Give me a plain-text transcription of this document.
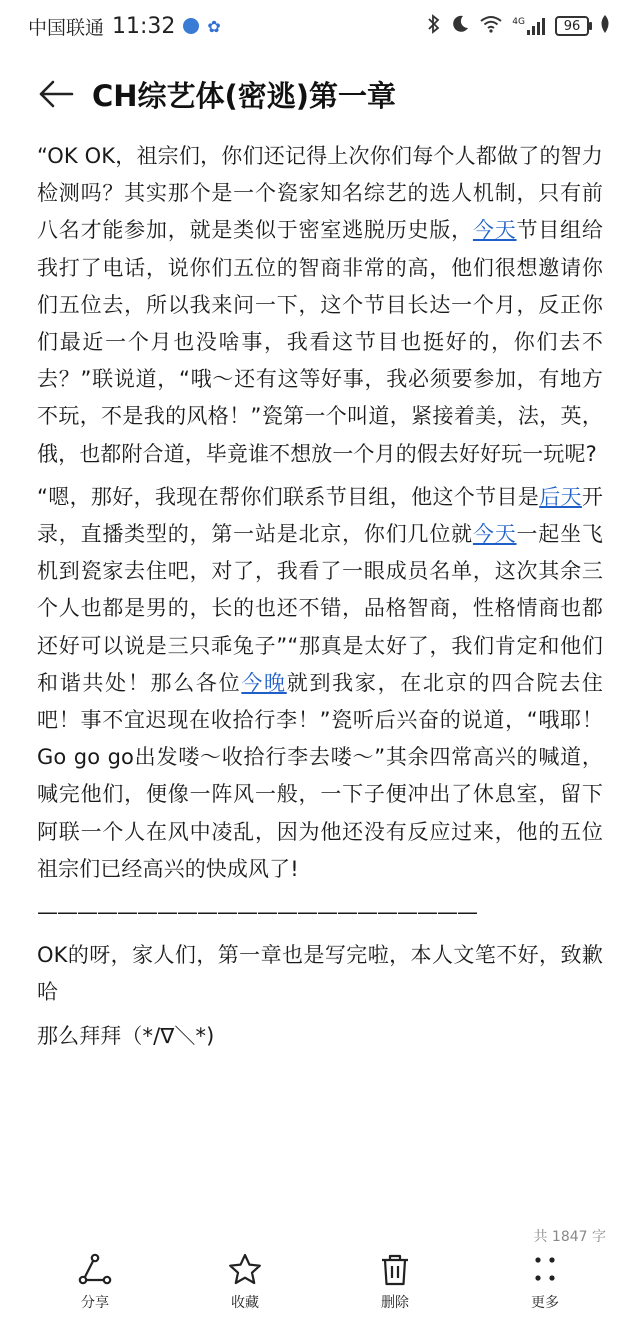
中国联通 11:32 ✿	4G	96
CH综艺体(密逃)第一章

“OK OK，祖宗们，你们还记得上次你们每个人都做了的智力检测吗？其实那个是一个瓷家知名综艺的选人机制，只有前八名才能参加，就是类似于密室逃脱历史版，今天节目组给我打了电话，说你们五位的智商非常的高，他们很想邀请你们五位去，所以我来问一下，这个节目长达一个月，反正你们最近一个月也没啥事，我看这节目也挺好的，你们去不去？”联说道，“哦～还有这等好事，我必须要参加，有地方不玩，不是我的风格！”瓷第一个叫道，紧接着美，法，英，俄，也都附合道，毕竟谁不想放一个月的假去好好玩一玩呢?

“嗯，那好，我现在帮你们联系节目组，他这个节目是后天开录，直播类型的，第一站是北京，你们几位就今天一起坐飞机到瓷家去住吧，对了，我看了一眼成员名单，这次其余三个人也都是男的，长的也还不错，品格智商，性格情商也都还好可以说是三只乖兔子”“那真是太好了，我们肯定和他们和谐共处！那么各位今晚就到我家，在北京的四合院去住吧！事不宜迟现在收拾行李！”瓷听后兴奋的说道，“哦耶！Go go go出发喽～收拾行李去喽～”其余四常高兴的喊道，喊完他们，便像一阵风一般，一下子便冲出了休息室，留下阿联一个人在风中凌乱，因为他还没有反应过来，他的五位祖宗们已经高兴的快成风了!

——————————————————————

OK的呀，家人们，第一章也是写完啦，本人文笔不好，致歉哈

那么拜拜（*/∇＼*)

共 1847 字
分享	收藏	删除	更多
